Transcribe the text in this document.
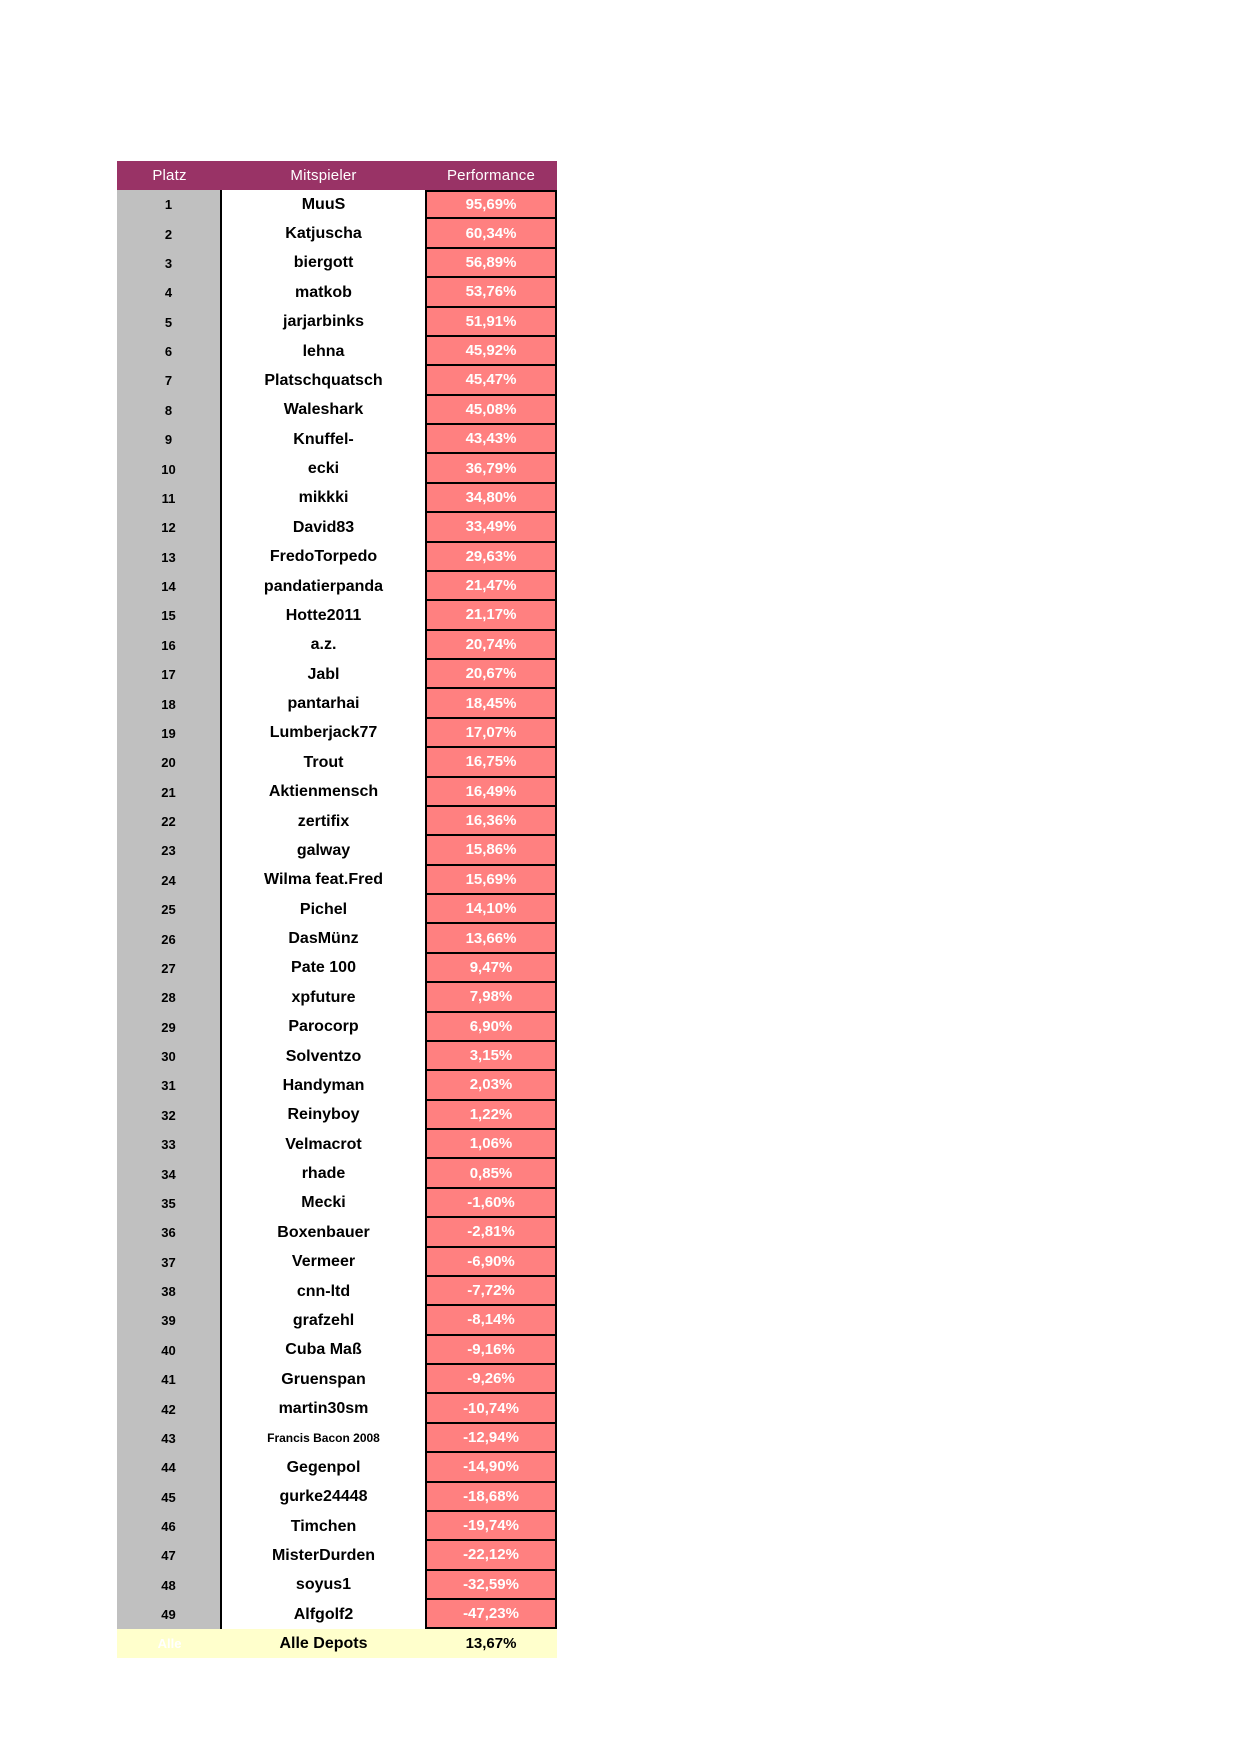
Platz	Mitspieler	Performance
1	MuuS	95,69%
2	Katjuscha	60,34%
3	biergott	56,89%
4	matkob	53,76%
5	jarjarbinks	51,91%
6	lehna	45,92%
7	Platschquatsch	45,47%
8	Waleshark	45,08%
9	Knuffel-	43,43%
10	ecki	36,79%
11	mikkki	34,80%
12	David83	33,49%
13	FredoTorpedo	29,63%
14	pandatierpanda	21,47%
15	Hotte2011	21,17%
16	a.z.	20,74%
17	Jabl	20,67%
18	pantarhai	18,45%
19	Lumberjack77	17,07%
20	Trout	16,75%
21	Aktienmensch	16,49%
22	zertifix	16,36%
23	galway	15,86%
24	Wilma feat.Fred	15,69%
25	Pichel	14,10%
26	DasMünz	13,66%
27	Pate 100	9,47%
28	xpfuture	7,98%
29	Parocorp	6,90%
30	Solventzo	3,15%
31	Handyman	2,03%
32	Reinyboy	1,22%
33	Velmacrot	1,06%
34	rhade	0,85%
35	Mecki	-1,60%
36	Boxenbauer	-2,81%
37	Vermeer	-6,90%
38	cnn-ltd	-7,72%
39	grafzehl	-8,14%
40	Cuba Maß	-9,16%
41	Gruenspan	-9,26%
42	martin30sm	-10,74%
43	Francis Bacon 2008	-12,94%
44	Gegenpol	-14,90%
45	gurke24448	-18,68%
46	Timchen	-19,74%
47	MisterDurden	-22,12%
48	soyus1	-32,59%
49	Alfgolf2	-47,23%
Alle	Alle Depots	13,67%
